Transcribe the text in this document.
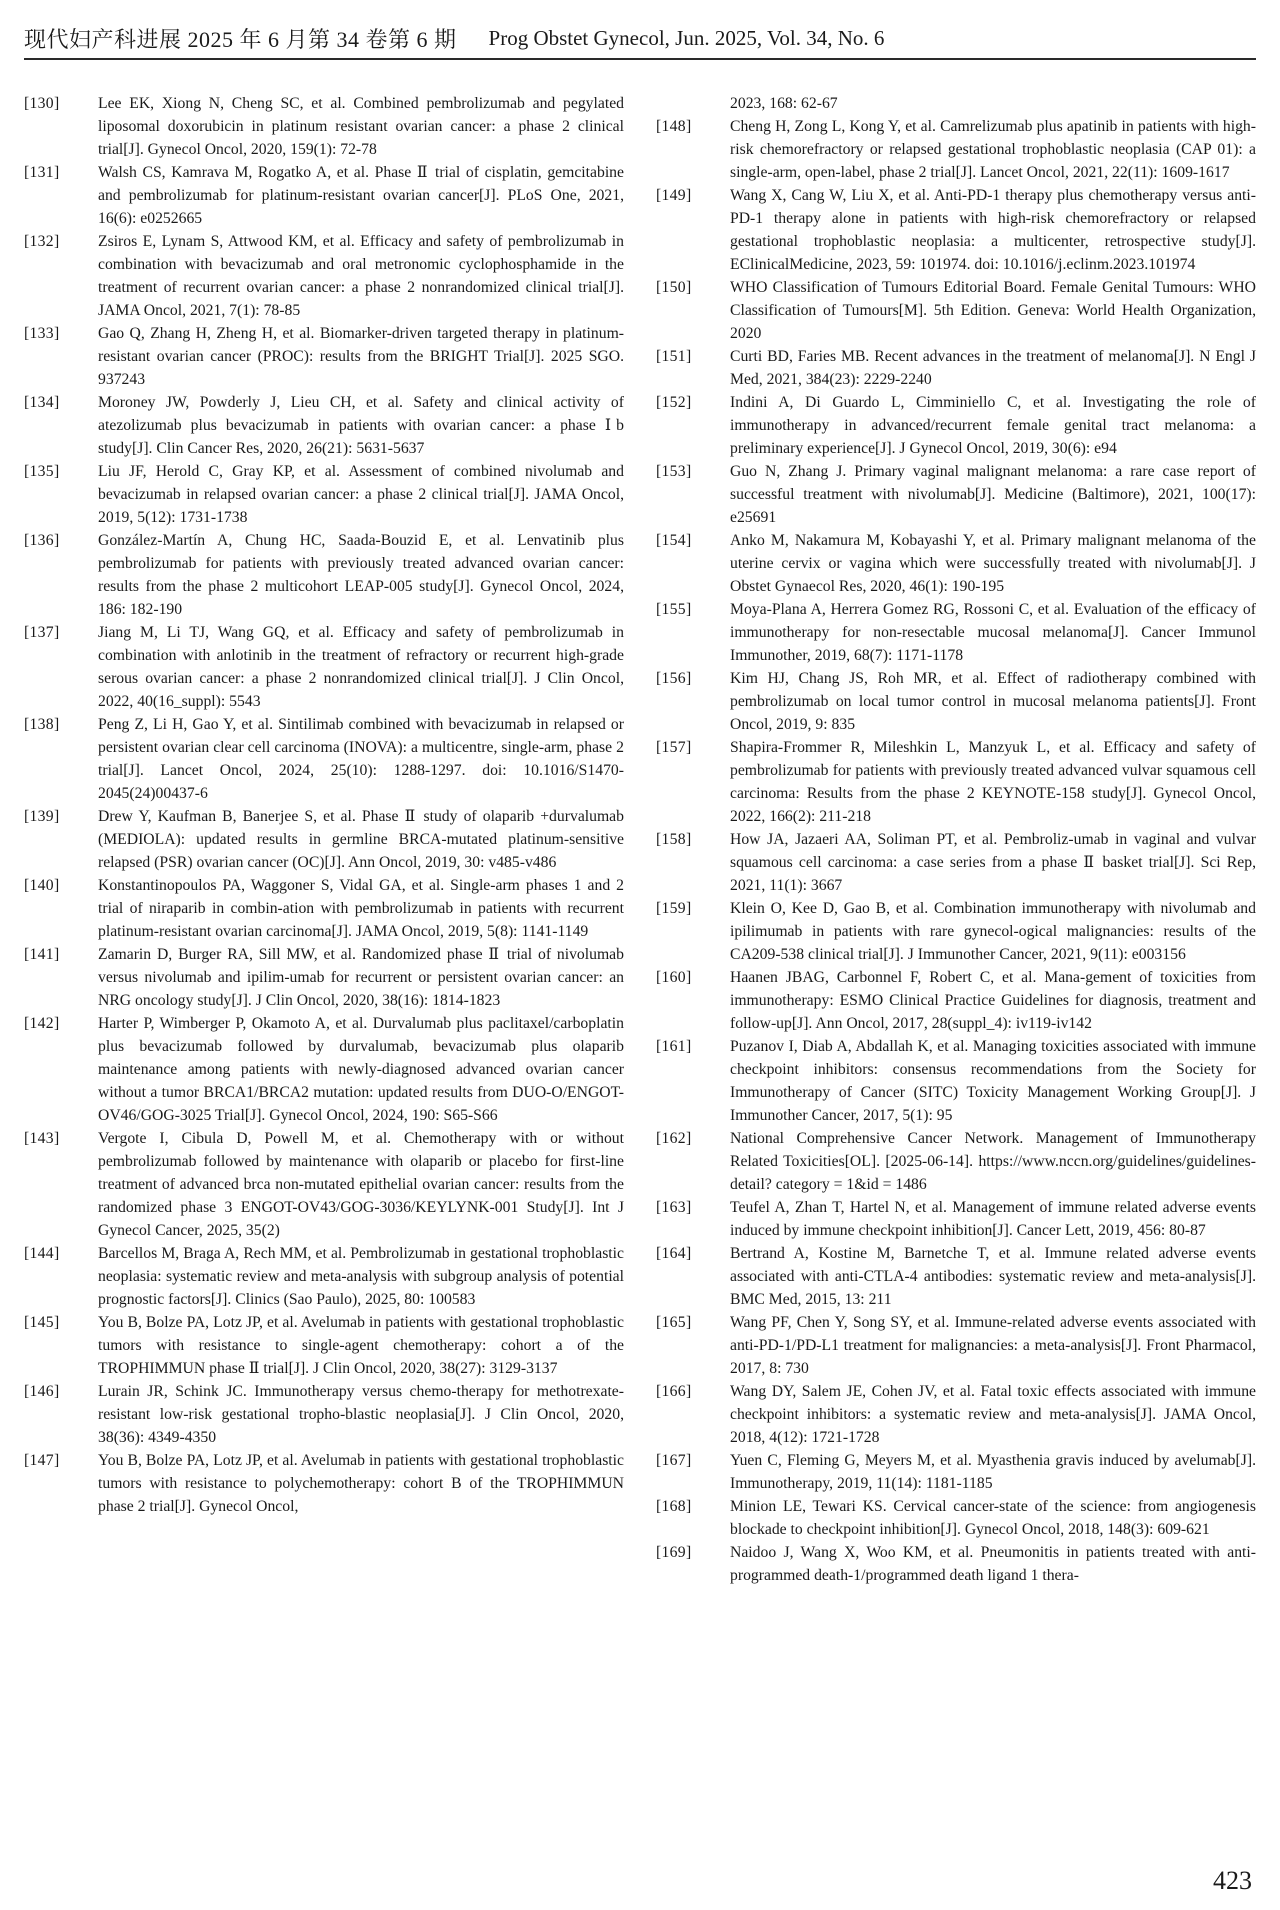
现代妇产科进展 2025 年 6 月第 34 卷第 6 期 Prog Obstet Gynecol, Jun. 2025, Vol. 34, No. 6
[130]	Lee EK, Xiong N, Cheng SC, et al. Combined pembrolizumab and pegylated liposomal doxorubicin in platinum resistant ovarian cancer: a phase 2 clinical trial[J]. Gynecol Oncol, 2020, 159(1): 72-78
[131]	Walsh CS, Kamrava M, Rogatko A, et al. Phase Ⅱ trial of cisplatin, gemcitabine and pembrolizumab for platinum-resistant ovarian cancer[J]. PLoS One, 2021, 16(6): e0252665
[132]	Zsiros E, Lynam S, Attwood KM, et al. Efficacy and safety of pembrolizumab in combination with bevacizumab and oral metronomic cyclophosphamide in the treatment of recurrent ovarian cancer: a phase 2 nonrandomized clinical trial[J]. JAMA Oncol, 2021, 7(1): 78-85
[133]	Gao Q, Zhang H, Zheng H, et al. Biomarker-driven targeted therapy in platinum-resistant ovarian cancer (PROC): results from the BRIGHT Trial[J]. 2025 SGO. 937243
[134]	Moroney JW, Powderly J, Lieu CH, et al. Safety and clinical activity of atezolizumab plus bevacizumab in patients with ovarian cancer: a phase Ⅰb study[J]. Clin Cancer Res, 2020, 26(21): 5631-5637
[135]	Liu JF, Herold C, Gray KP, et al. Assessment of combined nivolumab and bevacizumab in relapsed ovarian cancer: a phase 2 clinical trial[J]. JAMA Oncol, 2019, 5(12): 1731-1738
[136]	González-Martín A, Chung HC, Saada-Bouzid E, et al. Lenvatinib plus pembrolizumab for patients with previously treated advanced ovarian cancer: results from the phase 2 multicohort LEAP-005 study[J]. Gynecol Oncol, 2024, 186: 182-190
[137]	Jiang M, Li TJ, Wang GQ, et al. Efficacy and safety of pembrolizumab in combination with anlotinib in the treatment of refractory or recurrent high-grade serous ovarian cancer: a phase 2 nonrandomized clinical trial[J]. J Clin Oncol, 2022, 40(16_suppl): 5543
[138]	Peng Z, Li H, Gao Y, et al. Sintilimab combined with bevacizumab in relapsed or persistent ovarian clear cell carcinoma (INOVA): a multicentre, single-arm, phase 2 trial[J]. Lancet Oncol, 2024, 25(10): 1288-1297. doi: 10.1016/S1470-2045(24)00437-6
[139]	Drew Y, Kaufman B, Banerjee S, et al. Phase Ⅱ study of olaparib +durvalumab (MEDIOLA): updated results in germline BRCA-mutated platinum-sensitive relapsed (PSR) ovarian cancer (OC)[J]. Ann Oncol, 2019, 30: v485-v486
[140]	Konstantinopoulos PA, Waggoner S, Vidal GA, et al. Single-arm phases 1 and 2 trial of niraparib in combin-ation with pembrolizumab in patients with recurrent platinum-resistant ovarian carcinoma[J]. JAMA Oncol, 2019, 5(8): 1141-1149
[141]	Zamarin D, Burger RA, Sill MW, et al. Randomized phase Ⅱ trial of nivolumab versus nivolumab and ipilim-umab for recurrent or persistent ovarian cancer: an NRG oncology study[J]. J Clin Oncol, 2020, 38(16): 1814-1823
[142]	Harter P, Wimberger P, Okamoto A, et al. Durvalumab plus paclitaxel/carboplatin plus bevacizumab followed by durvalumab, bevacizumab plus olaparib maintenance among patients with newly-diagnosed advanced ovarian cancer without a tumor BRCA1/BRCA2 mutation: updated results from DUO-O/ENGOT-OV46/GOG-3025 Trial[J]. Gynecol Oncol, 2024, 190: S65-S66
[143]	Vergote I, Cibula D, Powell M, et al. Chemotherapy with or without pembrolizumab followed by maintenance with olaparib or placebo for first-line treatment of advanced brca non-mutated epithelial ovarian cancer: results from the randomized phase 3 ENGOT-OV43/GOG-3036/KEYLYNK-001 Study[J]. Int J Gynecol Cancer, 2025, 35(2)
[144]	Barcellos M, Braga A, Rech MM, et al. Pembrolizumab in gestational trophoblastic neoplasia: systematic review and meta-analysis with subgroup analysis of potential prognostic factors[J]. Clinics (Sao Paulo), 2025, 80: 100583
[145]	You B, Bolze PA, Lotz JP, et al. Avelumab in patients with gestational trophoblastic tumors with resistance to single-agent chemotherapy: cohort a of the TROPHIMMUN phase Ⅱ trial[J]. J Clin Oncol, 2020, 38(27): 3129-3137
[146]	Lurain JR, Schink JC. Immunotherapy versus chemo-therapy for methotrexate-resistant low-risk gestational tropho-blastic neoplasia[J]. J Clin Oncol, 2020, 38(36): 4349-4350
[147]	You B, Bolze PA, Lotz JP, et al. Avelumab in patients with gestational trophoblastic tumors with resistance to polychemotherapy: cohort B of the TROPHIMMUN phase 2 trial[J]. Gynecol Oncol,
2023, 168: 62-67
[148]	Cheng H, Zong L, Kong Y, et al. Camrelizumab plus apatinib in patients with high-risk chemorefractory or relapsed gestational trophoblastic neoplasia (CAP 01): a single-arm, open-label, phase 2 trial[J]. Lancet Oncol, 2021, 22(11): 1609-1617
[149]	Wang X, Cang W, Liu X, et al. Anti-PD-1 therapy plus chemotherapy versus anti-PD-1 therapy alone in patients with high-risk chemorefractory or relapsed gestational trophoblastic neoplasia: a multicenter, retrospective study[J]. EClinicalMedicine, 2023, 59: 101974. doi: 10.1016/j.eclinm.2023.101974
[150]	WHO Classification of Tumours Editorial Board. Female Genital Tumours: WHO Classification of Tumours[M]. 5th Edition. Geneva: World Health Organization, 2020
[151]	Curti BD, Faries MB. Recent advances in the treatment of melanoma[J]. N Engl J Med, 2021, 384(23): 2229-2240
[152]	Indini A, Di Guardo L, Cimminiello C, et al. Investigating the role of immunotherapy in advanced/recurrent female genital tract melanoma: a preliminary experience[J]. J Gynecol Oncol, 2019, 30(6): e94
[153]	Guo N, Zhang J. Primary vaginal malignant melanoma: a rare case report of successful treatment with nivolumab[J]. Medicine (Baltimore), 2021, 100(17): e25691
[154]	Anko M, Nakamura M, Kobayashi Y, et al. Primary malignant melanoma of the uterine cervix or vagina which were successfully treated with nivolumab[J]. J Obstet Gynaecol Res, 2020, 46(1): 190-195
[155]	Moya-Plana A, Herrera Gomez RG, Rossoni C, et al. Evaluation of the efficacy of immunotherapy for non-resectable mucosal melanoma[J]. Cancer Immunol Immunother, 2019, 68(7): 1171-1178
[156]	Kim HJ, Chang JS, Roh MR, et al. Effect of radiotherapy combined with pembrolizumab on local tumor control in mucosal melanoma patients[J]. Front Oncol, 2019, 9: 835
[157]	Shapira-Frommer R, Mileshkin L, Manzyuk L, et al. Efficacy and safety of pembrolizumab for patients with previously treated advanced vulvar squamous cell carcinoma: Results from the phase 2 KEYNOTE-158 study[J]. Gynecol Oncol, 2022, 166(2): 211-218
[158]	How JA, Jazaeri AA, Soliman PT, et al. Pembroliz-umab in vaginal and vulvar squamous cell carcinoma: a case series from a phase Ⅱ basket trial[J]. Sci Rep, 2021, 11(1): 3667
[159]	Klein O, Kee D, Gao B, et al. Combination immunotherapy with nivolumab and ipilimumab in patients with rare gynecol-ogical malignancies: results of the CA209-538 clinical trial[J]. J Immunother Cancer, 2021, 9(11): e003156
[160]	Haanen JBAG, Carbonnel F, Robert C, et al. Mana-gement of toxicities from immunotherapy: ESMO Clinical Practice Guidelines for diagnosis, treatment and follow-up[J]. Ann Oncol, 2017, 28(suppl_4): iv119-iv142
[161]	Puzanov I, Diab A, Abdallah K, et al. Managing toxicities associated with immune checkpoint inhibitors: consensus recommendations from the Society for Immunotherapy of Cancer (SITC) Toxicity Management Working Group[J]. J Immunother Cancer, 2017, 5(1): 95
[162]	National Comprehensive Cancer Network. Management of Immunotherapy Related Toxicities[OL]. [2025-06-14]. https://www.nccn.org/guidelines/guidelines-detail? category = 1&id = 1486
[163]	Teufel A, Zhan T, Hartel N, et al. Management of immune related adverse events induced by immune checkpoint inhibition[J]. Cancer Lett, 2019, 456: 80-87
[164]	Bertrand A, Kostine M, Barnetche T, et al. Immune related adverse events associated with anti-CTLA-4 antibodies: systematic review and meta-analysis[J]. BMC Med, 2015, 13: 211
[165]	Wang PF, Chen Y, Song SY, et al. Immune-related adverse events associated with anti-PD-1/PD-L1 treatment for malignancies: a meta-analysis[J]. Front Pharmacol, 2017, 8: 730
[166]	Wang DY, Salem JE, Cohen JV, et al. Fatal toxic effects associated with immune checkpoint inhibitors: a systematic review and meta-analysis[J]. JAMA Oncol, 2018, 4(12): 1721-1728
[167]	Yuen C, Fleming G, Meyers M, et al. Myasthenia gravis induced by avelumab[J]. Immunotherapy, 2019, 11(14): 1181-1185
[168]	Minion LE, Tewari KS. Cervical cancer-state of the science: from angiogenesis blockade to checkpoint inhibition[J]. Gynecol Oncol, 2018, 148(3): 609-621
[169]	Naidoo J, Wang X, Woo KM, et al. Pneumonitis in patients treated with anti-programmed death-1/programmed death ligand 1 thera-
423
